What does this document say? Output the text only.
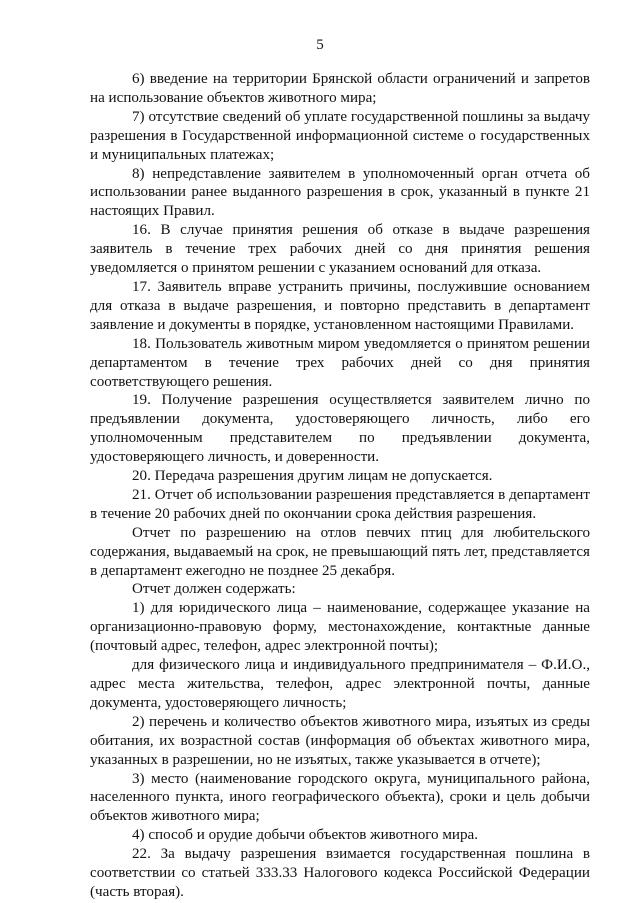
5

6) введение на территории Брянской области ограничений и запретов на использование объектов животного мира;

7) отсутствие сведений об уплате государственной пошлины за выдачу разрешения в Государственной информационной системе о государственных и муниципальных платежах;

8) непредставление заявителем в уполномоченный орган отчета об использовании ранее выданного разрешения в срок, указанный в пункте 21 настоящих Правил.

16. В случае принятия решения об отказе в выдаче разрешения заявитель в течение трех рабочих дней со дня принятия решения уведомляется о принятом решении с указанием оснований для отказа.

17. Заявитель вправе устранить причины, послужившие основанием для отказа в выдаче разрешения, и повторно представить в департамент заявление и документы в порядке, установленном настоящими Правилами.

18. Пользователь животным миром уведомляется о принятом решении департаментом в течение трех рабочих дней со дня принятия соответствующего решения.

19. Получение разрешения осуществляется заявителем лично по предъявлении документа, удостоверяющего личность, либо его уполномоченным представителем по предъявлении документа, удостоверяющего личность, и доверенности.

20. Передача разрешения другим лицам не допускается.

21. Отчет об использовании разрешения представляется в департамент в течение 20 рабочих дней по окончании срока действия разрешения.

Отчет по разрешению на отлов певчих птиц для любительского содержания, выдаваемый на срок, не превышающий пять лет, представляется в департамент ежегодно не позднее 25 декабря.

Отчет должен содержать:

1) для юридического лица – наименование, содержащее указание на организационно-правовую форму, местонахождение, контактные данные (почтовый адрес, телефон, адрес электронной почты);

для физического лица и индивидуального предпринимателя – Ф.И.О., адрес места жительства, телефон, адрес электронной почты, данные документа, удостоверяющего личность;

2) перечень и количество объектов животного мира, изъятых из среды обитания, их возрастной состав (информация об объектах животного мира, указанных в разрешении, но не изъятых, также указывается в отчете);

3) место (наименование городского округа, муниципального района, населенного пункта, иного географического объекта), сроки и цель добычи объектов животного мира;

4) способ и орудие добычи объектов животного мира.

22. За выдачу разрешения взимается государственная пошлина в соответствии со статьей 333.33 Налогового кодекса Российской Федерации (часть вторая).
